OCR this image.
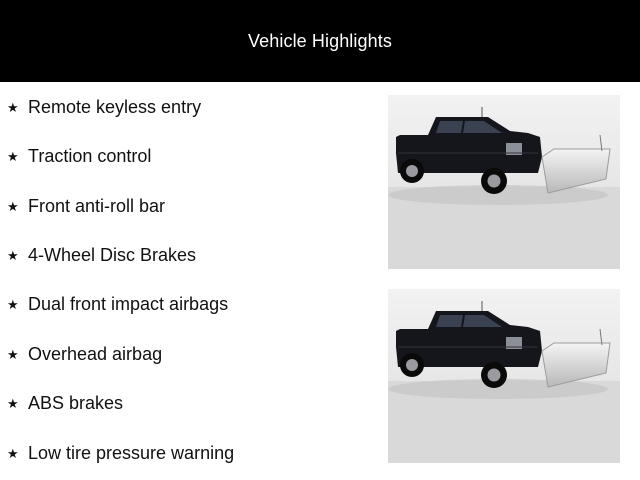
Vehicle Highlights
★ Remote keyless entry
★ Traction control
★ Front anti-roll bar
★ 4-Wheel Disc Brakes
★ Dual front impact airbags
★ Overhead airbag
★ ABS brakes
★ Low tire pressure warning
